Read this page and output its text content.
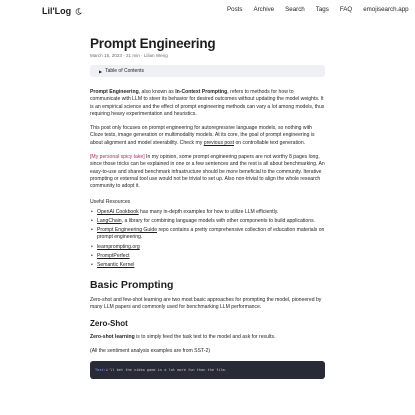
Lil'Log	Posts Archive Search Tags FAQ emojisearch.app
Prompt Engineering
March 15, 2023 · 21 min · Lilian Weng
▶ Table of Contents

Prompt Engineering, also known as In-Context Prompting, refers to methods for how to communicate with LLM to steer its behavior for desired outcomes without updating the model weights. It is an empirical science and the effect of prompt engineering methods can vary a lot among models, thus requiring heavy experimentation and heuristics.

This post only focuses on prompt engineering for autoregressive language models, so nothing with Cloze tests, image generation or multimodality models. At its core, the goal of prompt engineering is about alignment and model steerability. Check my previous post on controllable text generation.

[My personal spicy take] In my opinion, some prompt engineering papers are not worthy 8 pages long, since those tricks can be explained in one or a few sentences and the rest is all about benchmarking. An easy-to-use and shared benchmark infrastructure should be more beneficial to the community. Iterative prompting or external tool use would not be trivial to set up. Also non-trivial to align the whole research community to adopt it.

Useful Resources
• OpenAI Cookbook has many in-depth examples for how to utilize LLM efficiently.
• LangChain, a library for combining language models with other components to build applications.
• Prompt Engineering Guide repo contains a pretty comprehensive collection of education materials on prompt engineering.
• learnprompting.org
• PromptPerfect
• Semantic Kernel
Basic Prompting

Zero-shot and few-shot learning are two most basic approaches for prompting the model, pioneered by many LLM papers and commonly used for benchmarking LLM performance.

Zero-Shot

Zero-shot learning is to simply feed the task text to the model and ask for results.

(All the sentiment analysis examples are from SST-2)

Text: i'll bet the video game is a lot more fun than the film.
